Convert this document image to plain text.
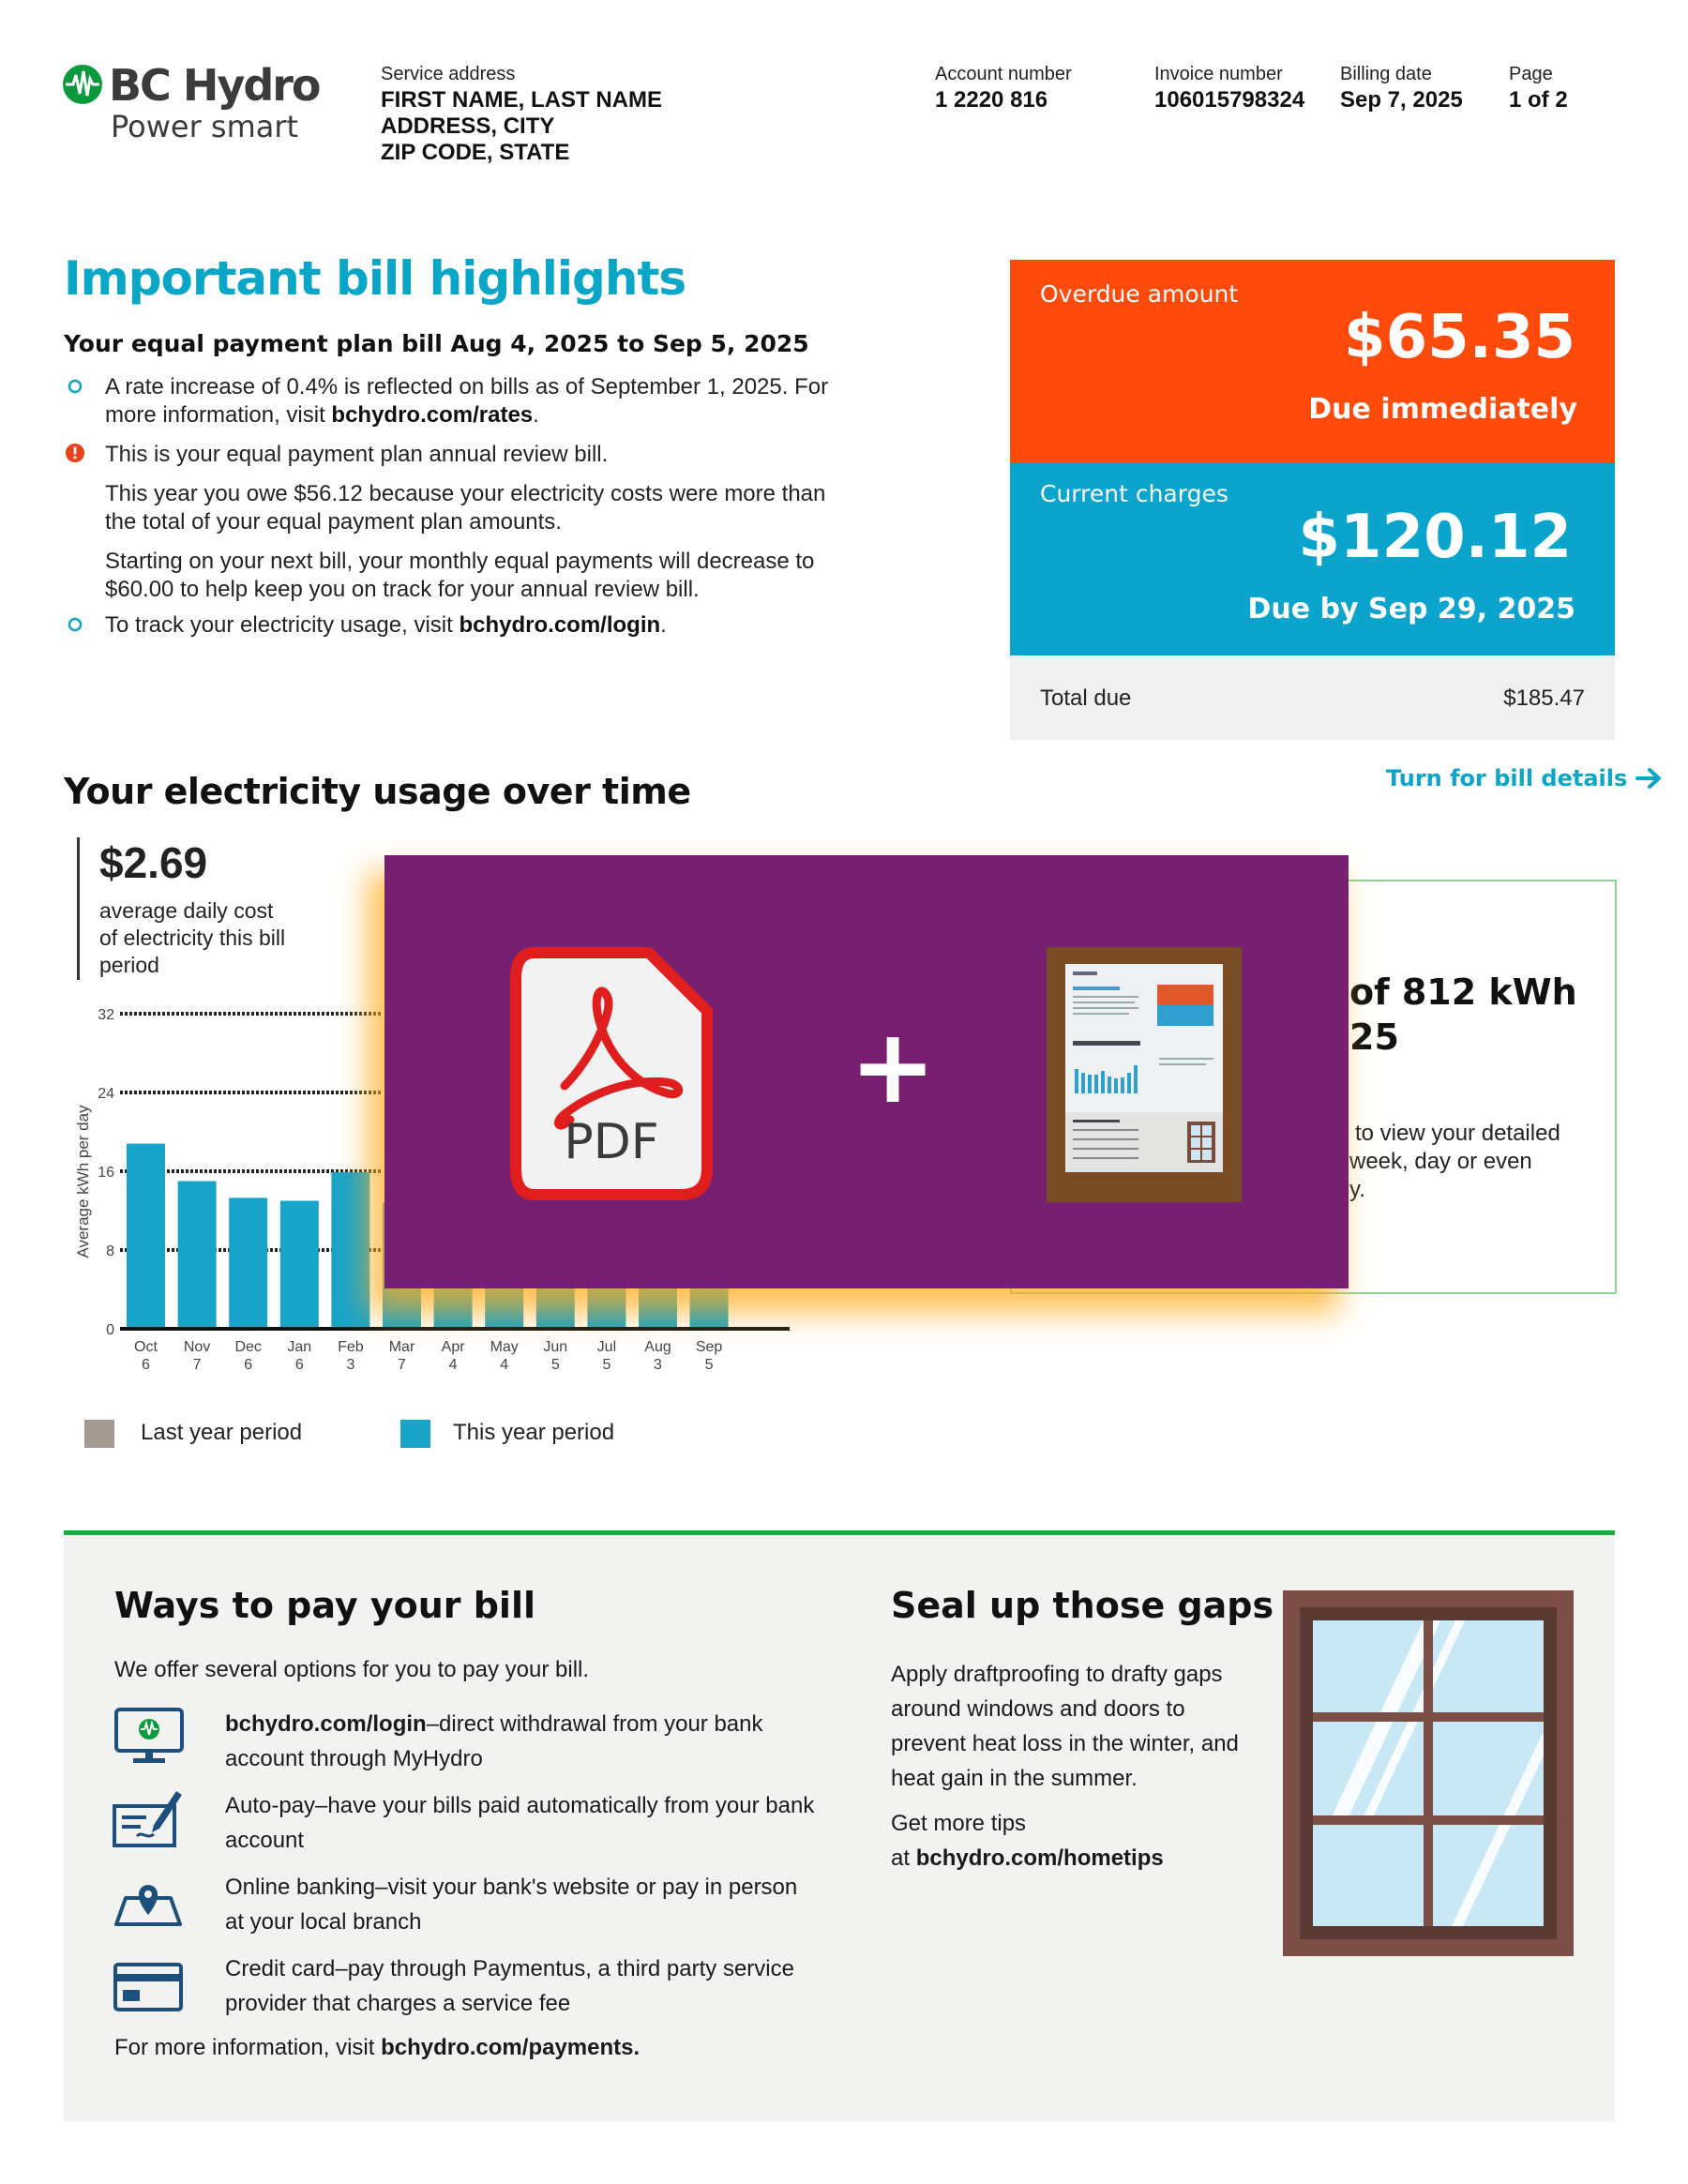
BC Hydro
Power smart
Service address
FIRST NAME, LAST NAME
ADDRESS, CITY
ZIP CODE, STATE
Account number
1 2220 816
Invoice number
106015798324
Billing date
Sep 7, 2025
Page
1 of 2
Important bill highlights
Your equal payment plan bill Aug 4, 2025 to Sep 5, 2025
A rate increase of 0.4% is reflected on bills as of September 1, 2025. For more information, visit bchydro.com/rates.
This is your equal payment plan annual review bill.
This year you owe $56.12 because your electricity costs were more than the total of your equal payment plan amounts.
Starting on your next bill, your monthly equal payments will decrease to $60.00 to help keep you on track for your annual review bill.
To track your electricity usage, visit bchydro.com/login.
Overdue amount
$65.35
Due immediately
Current charges
$120.12
Due by Sep 29, 2025
Total due	$185.47
Turn for bill details
Your electricity usage over time
$2.69
average daily cost of electricity this bill period
Average kWh per day
0
8
16
24
32
Oct
6
Nov
7
Dec
6
Jan
6
Feb
3
Mar
7
Apr
4
May
4
Jun
5
Jul
5
Aug
3
Sep
5
Last year period	This year period
of 812 kWh
25
to view your detailed
week, day or even
y.
PDF
+
Ways to pay your bill
We offer several options for you to pay your bill.
bchydro.com/login–direct withdrawal from your bank account through MyHydro
Auto-pay–have your bills paid automatically from your bank account
Online banking–visit your bank's website or pay in person at your local branch
Credit card–pay through Paymentus, a third party service provider that charges a service fee
For more information, visit bchydro.com/payments.
Seal up those gaps
Apply draftproofing to drafty gaps around windows and doors to prevent heat loss in the winter, and heat gain in the summer.
Get more tips
at bchydro.com/hometips
